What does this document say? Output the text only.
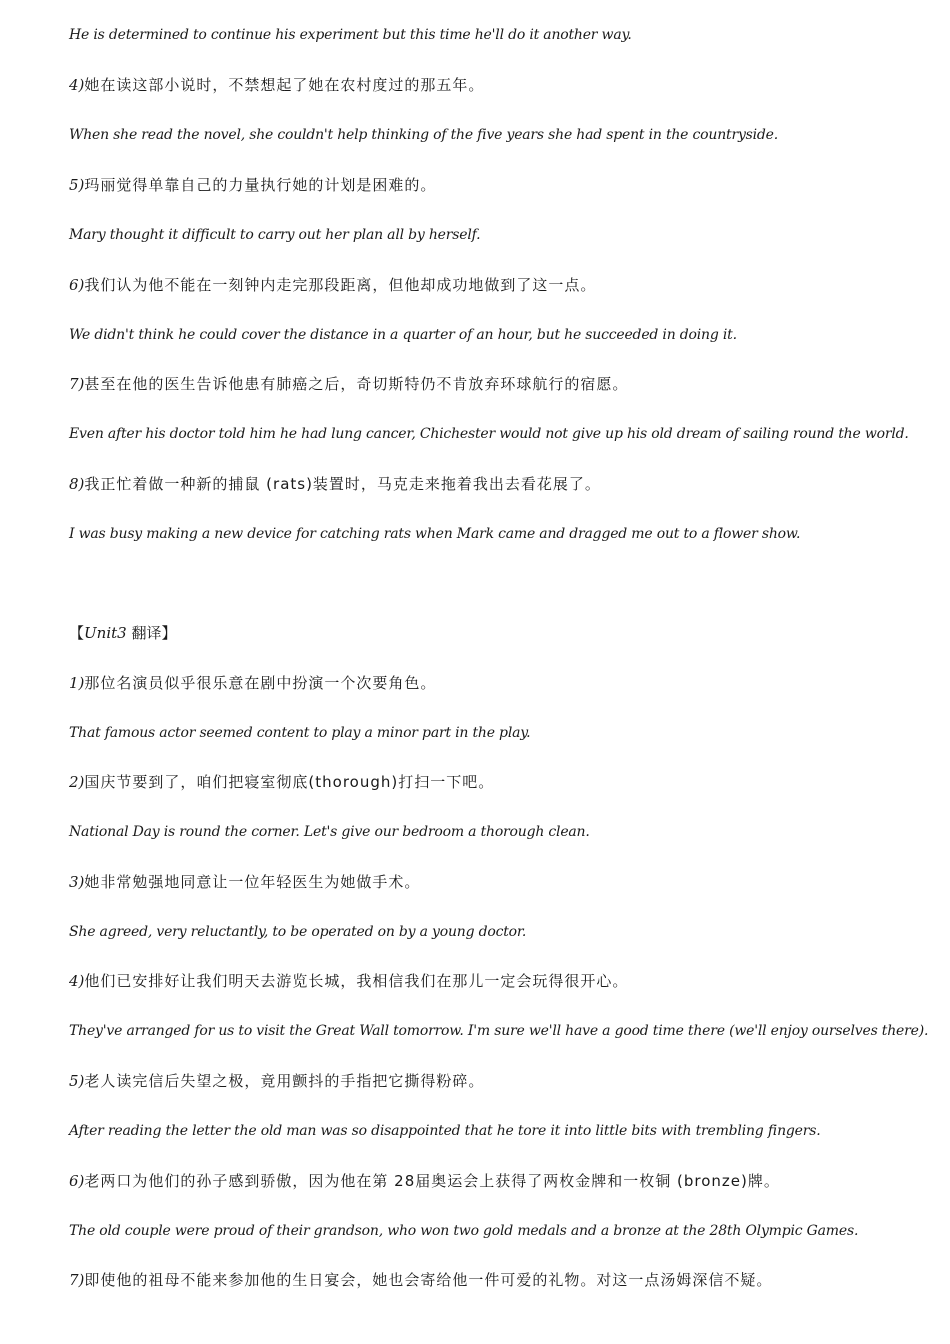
He is determined to continue his experiment but this time he'll do it another way.
4)她在读这部小说时，不禁想起了她在农村度过的那五年。
When she read the novel, she couldn't help thinking of the five years she had spent in the countryside.
5)玛丽觉得单靠自己的力量执行她的计划是困难的。
Mary thought it difficult to carry out her plan all by herself.
6)我们认为他不能在一刻钟内走完那段距离，但他却成功地做到了这一点。
We didn't think he could cover the distance in a quarter of an hour, but he succeeded in doing it.
7)甚至在他的医生告诉他患有肺癌之后，奇切斯特仍不肯放弃环球航行的宿愿。
Even after his doctor told him he had lung cancer, Chichester would not give up his old dream of sailing round the world.
8)我正忙着做一种新的捕鼠 (rats)装置时，马克走来拖着我出去看花展了。
I was busy making a new device for catching rats when Mark came and dragged me out to a flower show.
【Unit3 翻译】
1)那位名演员似乎很乐意在剧中扮演一个次要角色。
That famous actor seemed content to play a minor part in the play.
2)国庆节要到了，咱们把寝室彻底(thorough)打扫一下吧。
National Day is round the corner. Let's give our bedroom a thorough clean.
3)她非常勉强地同意让一位年轻医生为她做手术。
She agreed, very reluctantly, to be operated on by a young doctor.
4)他们已安排好让我们明天去游览长城，我相信我们在那儿一定会玩得很开心。
They've arranged for us to visit the Great Wall tomorrow. I'm sure we'll have a good time there (we'll enjoy ourselves there).
5)老人读完信后失望之极，竟用颤抖的手指把它撕得粉碎。
After reading the letter the old man was so disappointed that he tore it into little bits with trembling fingers.
6)老两口为他们的孙子感到骄傲，因为他在第 28届奥运会上获得了两枚金牌和一枚铜 (bronze)牌。
The old couple were proud of their grandson, who won two gold medals and a bronze at the 28th Olympic Games.
7)即使他的祖母不能来参加他的生日宴会，她也会寄给他一件可爱的礼物。对这一点汤姆深信不疑。
